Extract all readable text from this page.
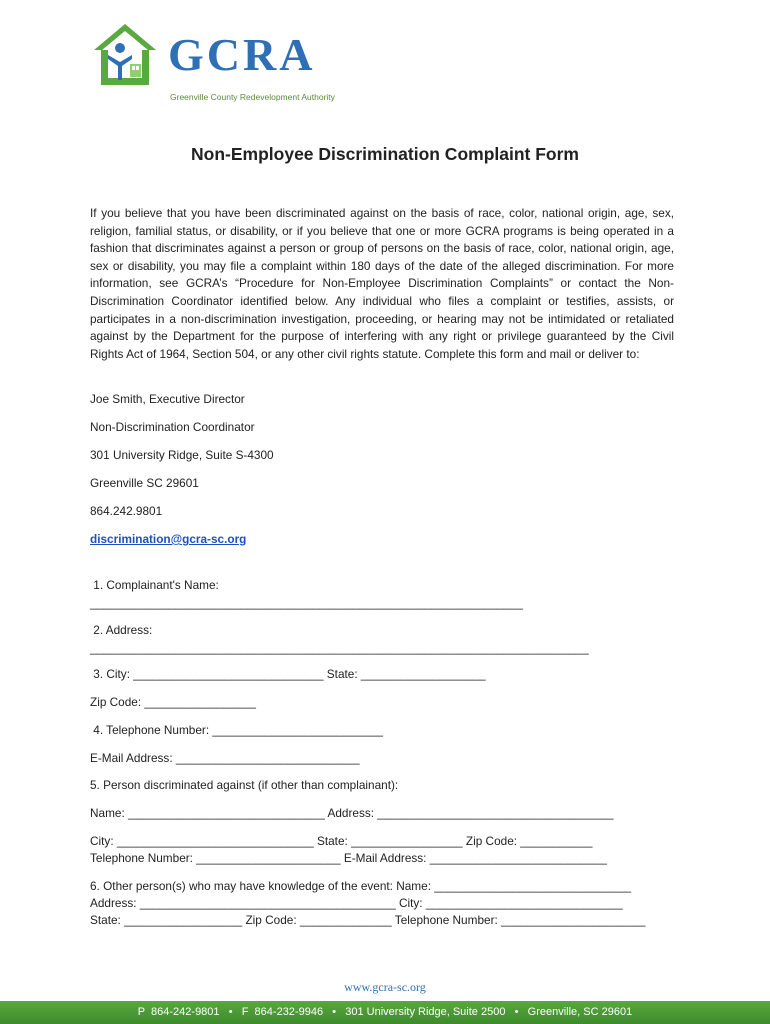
GCRA
Greenville County Redevelopment Authority
Non-Employee Discrimination Complaint Form

If you believe that you have been discriminated against on the basis of race, color, national origin, age, sex, religion, familial status, or disability, or if you believe that one or more GCRA programs is being operated in a fashion that discriminates against a person or group of persons on the basis of race, color, national origin, age, sex or disability, you may file a complaint within 180 days of the date of the alleged discrimination. For more information, see GCRA’s “Procedure for Non-Employee Discrimination Complaints” or contact the Non-Discrimination Coordinator identified below. Any individual who files a complaint or testifies, assists, or participates in a non-discrimination investigation, proceeding, or hearing may not be intimidated or retaliated against by the Department for the purpose of interfering with any right or privilege guaranteed by the Civil Rights Act of 1964, Section 504, or any other civil rights statute. Complete this form and mail or deliver to:

Joe Smith, Executive Director
Non-Discrimination Coordinator
301 University Ridge, Suite S-4300
Greenville SC 29601
864.242.9801
discrimination@gcra-sc.org
1. Complainant's Name:
__________________________________________________________________
2. Address:
____________________________________________________________________________
3. City: _____________________________ State: ___________________
Zip Code: _________________
4. Telephone Number: __________________________
E-Mail Address: ____________________________
5. Person discriminated against (if other than complainant):
Name: ______________________________ Address: ____________________________________
City: ______________________________ State: _________________ Zip Code: ___________
Telephone Number: ______________________ E-Mail Address: ___________________________
6. Other person(s) who may have knowledge of the event: Name: ______________________________
Address: _______________________________________ City: ______________________________
State: __________________ Zip Code: ______________ Telephone Number: ______________________
www.gcra-sc.org
P  864-242-9801   •   F  864-232-9946   •   301 University Ridge, Suite 2500   •   Greenville, SC 29601
